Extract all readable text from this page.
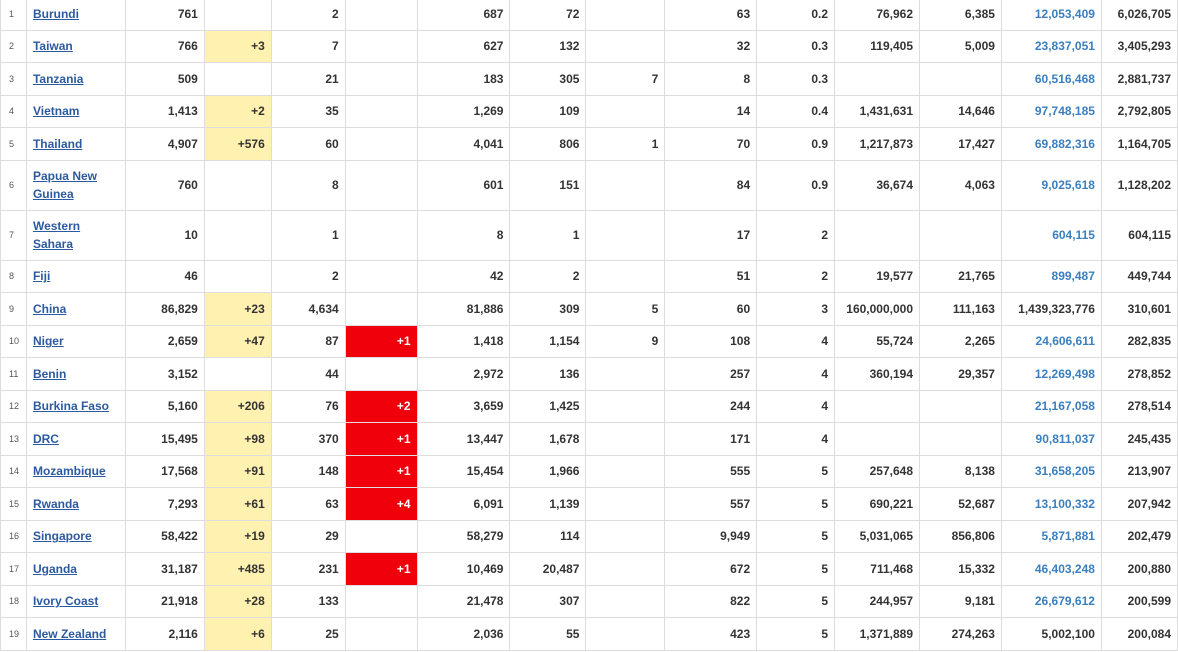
1	Burundi	761		2		687	72		63	0.2	76,962	6,385	12,053,409	6,026,705
2	Taiwan	766	+3	7		627	132		32	0.3	119,405	5,009	23,837,051	3,405,293
3	Tanzania	509		21		183	305	7	8	0.3			60,516,468	2,881,737
4	Vietnam	1,413	+2	35		1,269	109		14	0.4	1,431,631	14,646	97,748,185	2,792,805
5	Thailand	4,907	+576	60		4,041	806	1	70	0.9	1,217,873	17,427	69,882,316	1,164,705
6	Papua New Guinea	760		8		601	151		84	0.9	36,674	4,063	9,025,618	1,128,202
7	Western Sahara	10		1		8	1		17	2			604,115	604,115
8	Fiji	46		2		42	2		51	2	19,577	21,765	899,487	449,744
9	China	86,829	+23	4,634		81,886	309	5	60	3	160,000,000	111,163	1,439,323,776	310,601
10	Niger	2,659	+47	87	+1	1,418	1,154	9	108	4	55,724	2,265	24,606,611	282,835
11	Benin	3,152		44		2,972	136		257	4	360,194	29,357	12,269,498	278,852
12	Burkina Faso	5,160	+206	76	+2	3,659	1,425		244	4			21,167,058	278,514
13	DRC	15,495	+98	370	+1	13,447	1,678		171	4			90,811,037	245,435
14	Mozambique	17,568	+91	148	+1	15,454	1,966		555	5	257,648	8,138	31,658,205	213,907
15	Rwanda	7,293	+61	63	+4	6,091	1,139		557	5	690,221	52,687	13,100,332	207,942
16	Singapore	58,422	+19	29		58,279	114		9,949	5	5,031,065	856,806	5,871,881	202,479
17	Uganda	31,187	+485	231	+1	10,469	20,487		672	5	711,468	15,332	46,403,248	200,880
18	Ivory Coast	21,918	+28	133		21,478	307		822	5	244,957	9,181	26,679,612	200,599
19	New Zealand	2,116	+6	25		2,036	55		423	5	1,371,889	274,263	5,002,100	200,084
